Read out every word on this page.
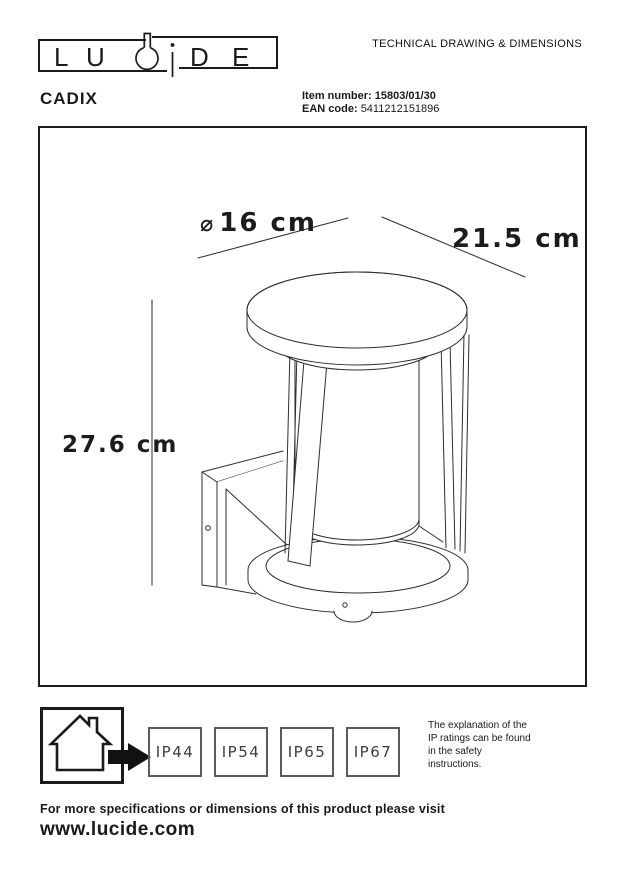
L U	D E	TECHNICAL DRAWING & DIMENSIONS
CADIX	Item number: 15803/01/30
EAN code: 5411212151896
⌀ 16 cm
21.5 cm
27.6 cm
IP44	IP54	IP65	IP67
The explanation of the
IP ratings can be found
in the safety
instructions.
For more specifications or dimensions of this product please visit
www.lucide.com
